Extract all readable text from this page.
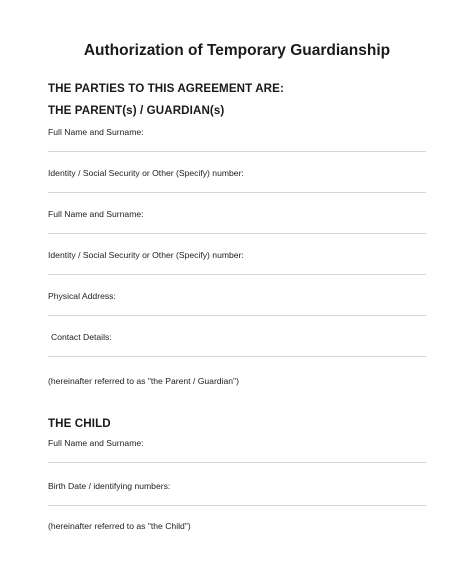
Authorization of Temporary Guardianship
THE PARTIES TO THIS AGREEMENT ARE:
THE PARENT(s) / GUARDIAN(s)
Full Name and Surname:
Identity / Social Security or Other (Specify) number:
Full Name and Surname:
Identity / Social Security or Other (Specify) number:
Physical Address:
Contact Details:
(hereinafter referred to as "the Parent / Guardian")
THE CHILD
Full Name and Surname:
Birth Date / identifying numbers:
(hereinafter referred to as "the Child")
